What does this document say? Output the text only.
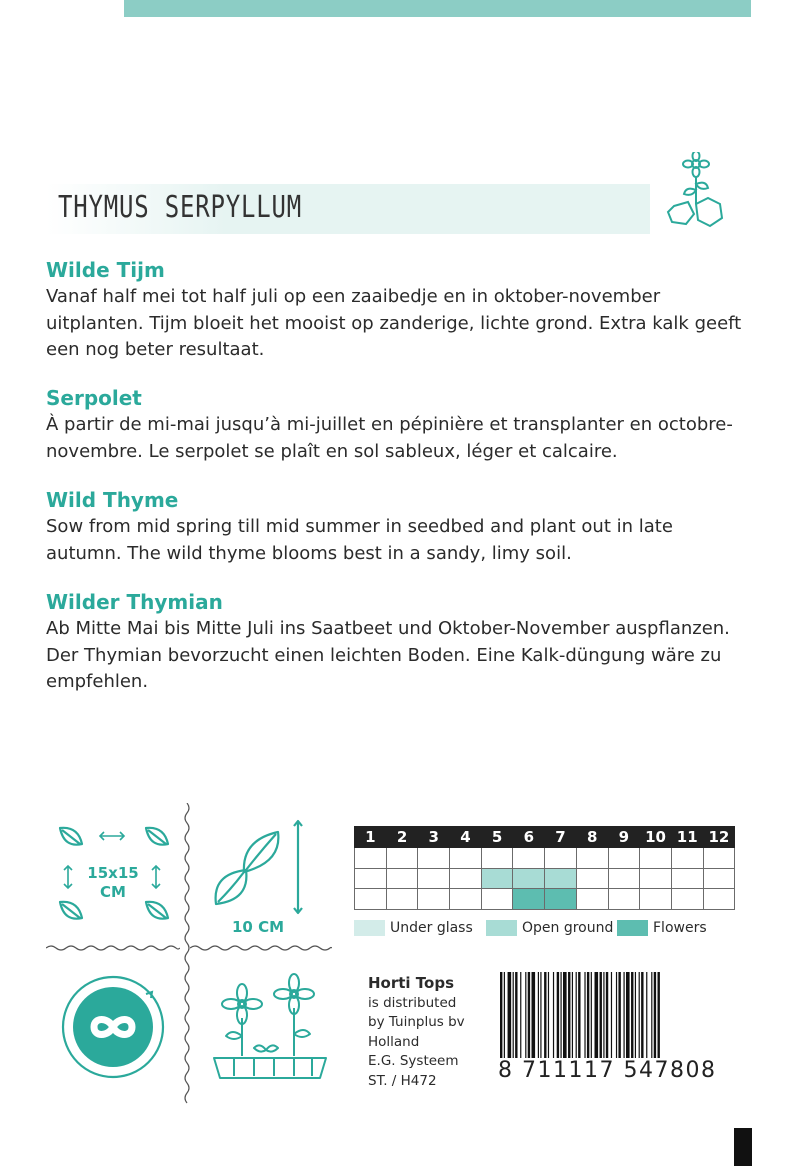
THYMUS SERPYLLUM
Wilde Tijm

Vanaf half mei tot half juli op een zaaibedje en in oktober-november

uitplanten. Tijm bloeit het mooist op zanderige, lichte grond. Extra kalk geeft

een nog beter resultaat.

Serpolet

À partir de mi-mai jusqu’à mi-juillet en pépinière et transplanter en octobre-

novembre. Le serpolet se plaît en sol sableux, léger et calcaire.

Wild Thyme

Sow from mid spring till mid summer in seedbed and plant out in late

autumn. The wild thyme blooms best in a sandy, limy soil.

Wilder Thymian

Ab Mitte Mai bis Mitte Juli ins Saatbeet und Oktober-November auspflanzen.

Der Thymian bevorzucht einen leichten Boden. Eine Kalk-düngung wäre zu

empfehlen.

15x15
CM
10 CM
1	2	3	4	5	6	7	8	9	10	11	12

Under glass	Open ground	Flowers
Horti Tops
is distributed
by Tuinplus bv
Holland
E.G. Systeem
ST. / H472	8 711117 547808
